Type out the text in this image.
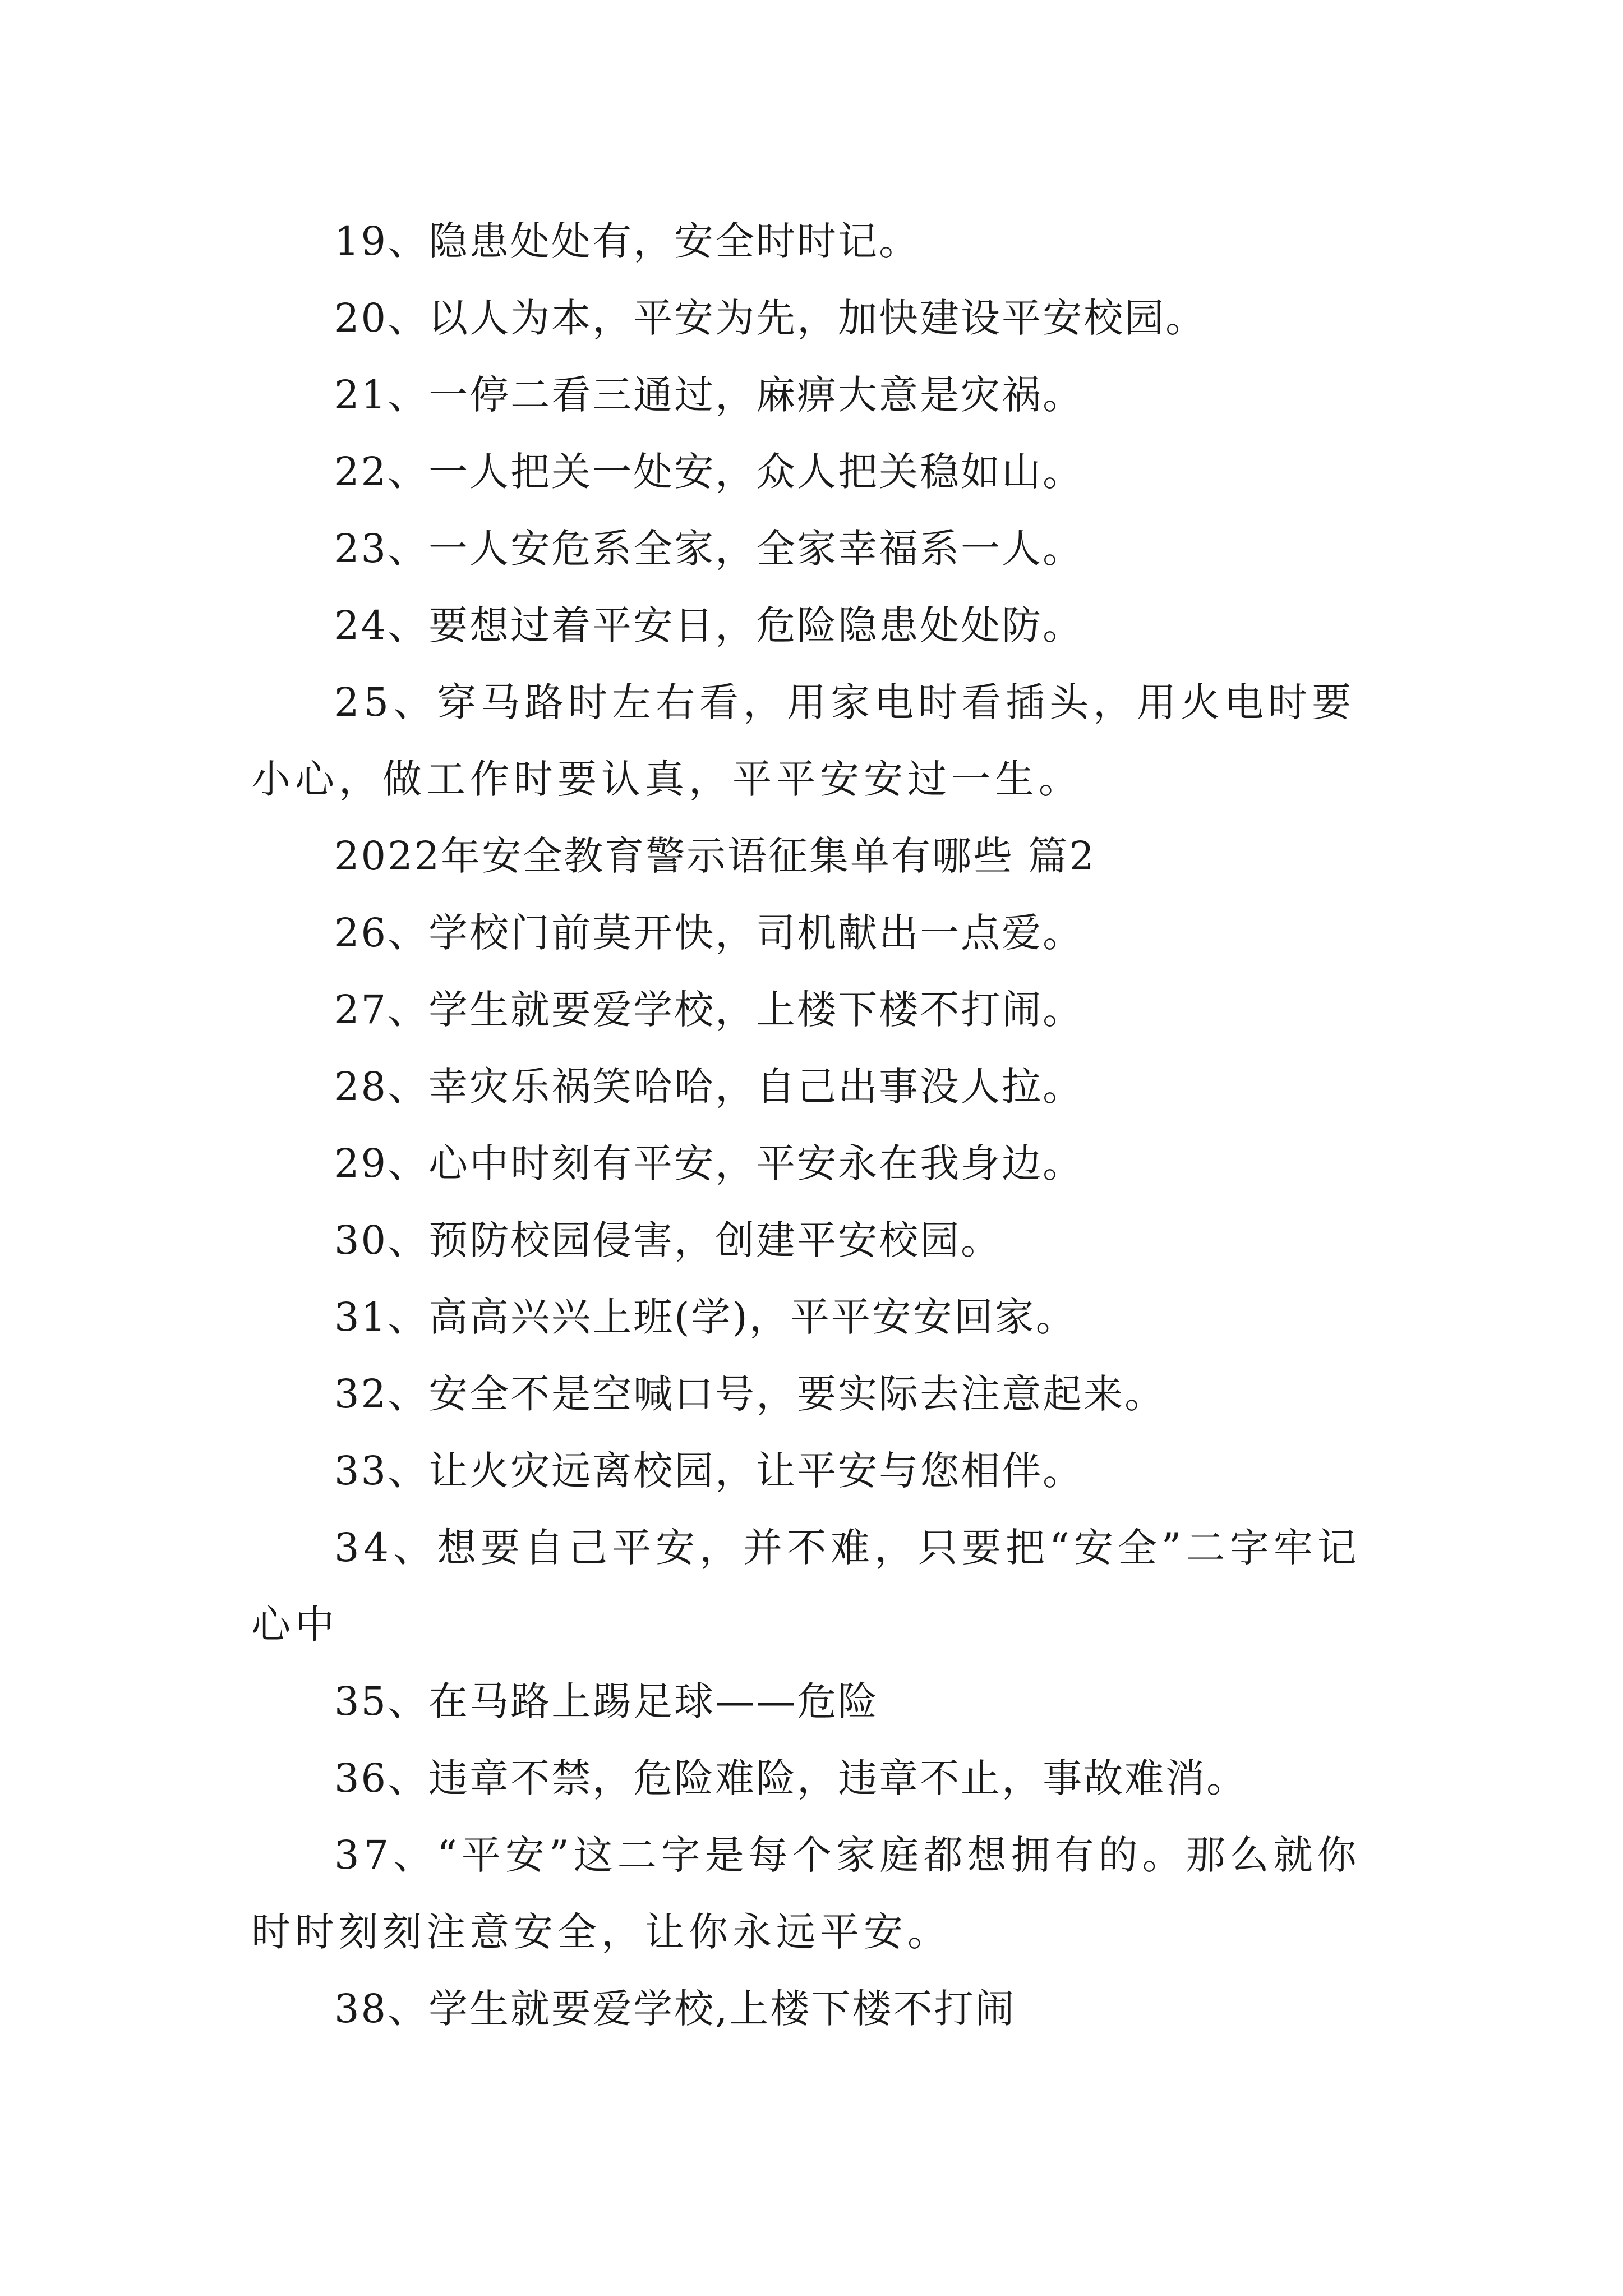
19、隐患处处有，安全时时记。

20、以人为本，平安为先，加快建设平安校园。

21、一停二看三通过，麻痹大意是灾祸。

22、一人把关一处安，众人把关稳如山。

23、一人安危系全家，全家幸福系一人。

24、要想过着平安日，危险隐患处处防。

25、穿马路时左右看，用家电时看插头，用火电时要小心，做工作时要认真，平平安安过一生。

2022年安全教育警示语征集单有哪些 篇2

26、学校门前莫开快，司机献出一点爱。

27、学生就要爱学校，上楼下楼不打闹。

28、幸灾乐祸笑哈哈，自己出事没人拉。

29、心中时刻有平安，平安永在我身边。

30、预防校园侵害，创建平安校园。

31、高高兴兴上班(学)，平平安安回家。

32、安全不是空喊口号，要实际去注意起来。

33、让火灾远离校园，让平安与您相伴。

34、想要自己平安，并不难，只要把“安全”二字牢记心中

35、在马路上踢足球——危险

36、违章不禁，危险难险，违章不止，事故难消。

37、“平安”这二字是每个家庭都想拥有的。那么就你时时刻刻注意安全，让你永远平安。

38、学生就要爱学校,上楼下楼不打闹
